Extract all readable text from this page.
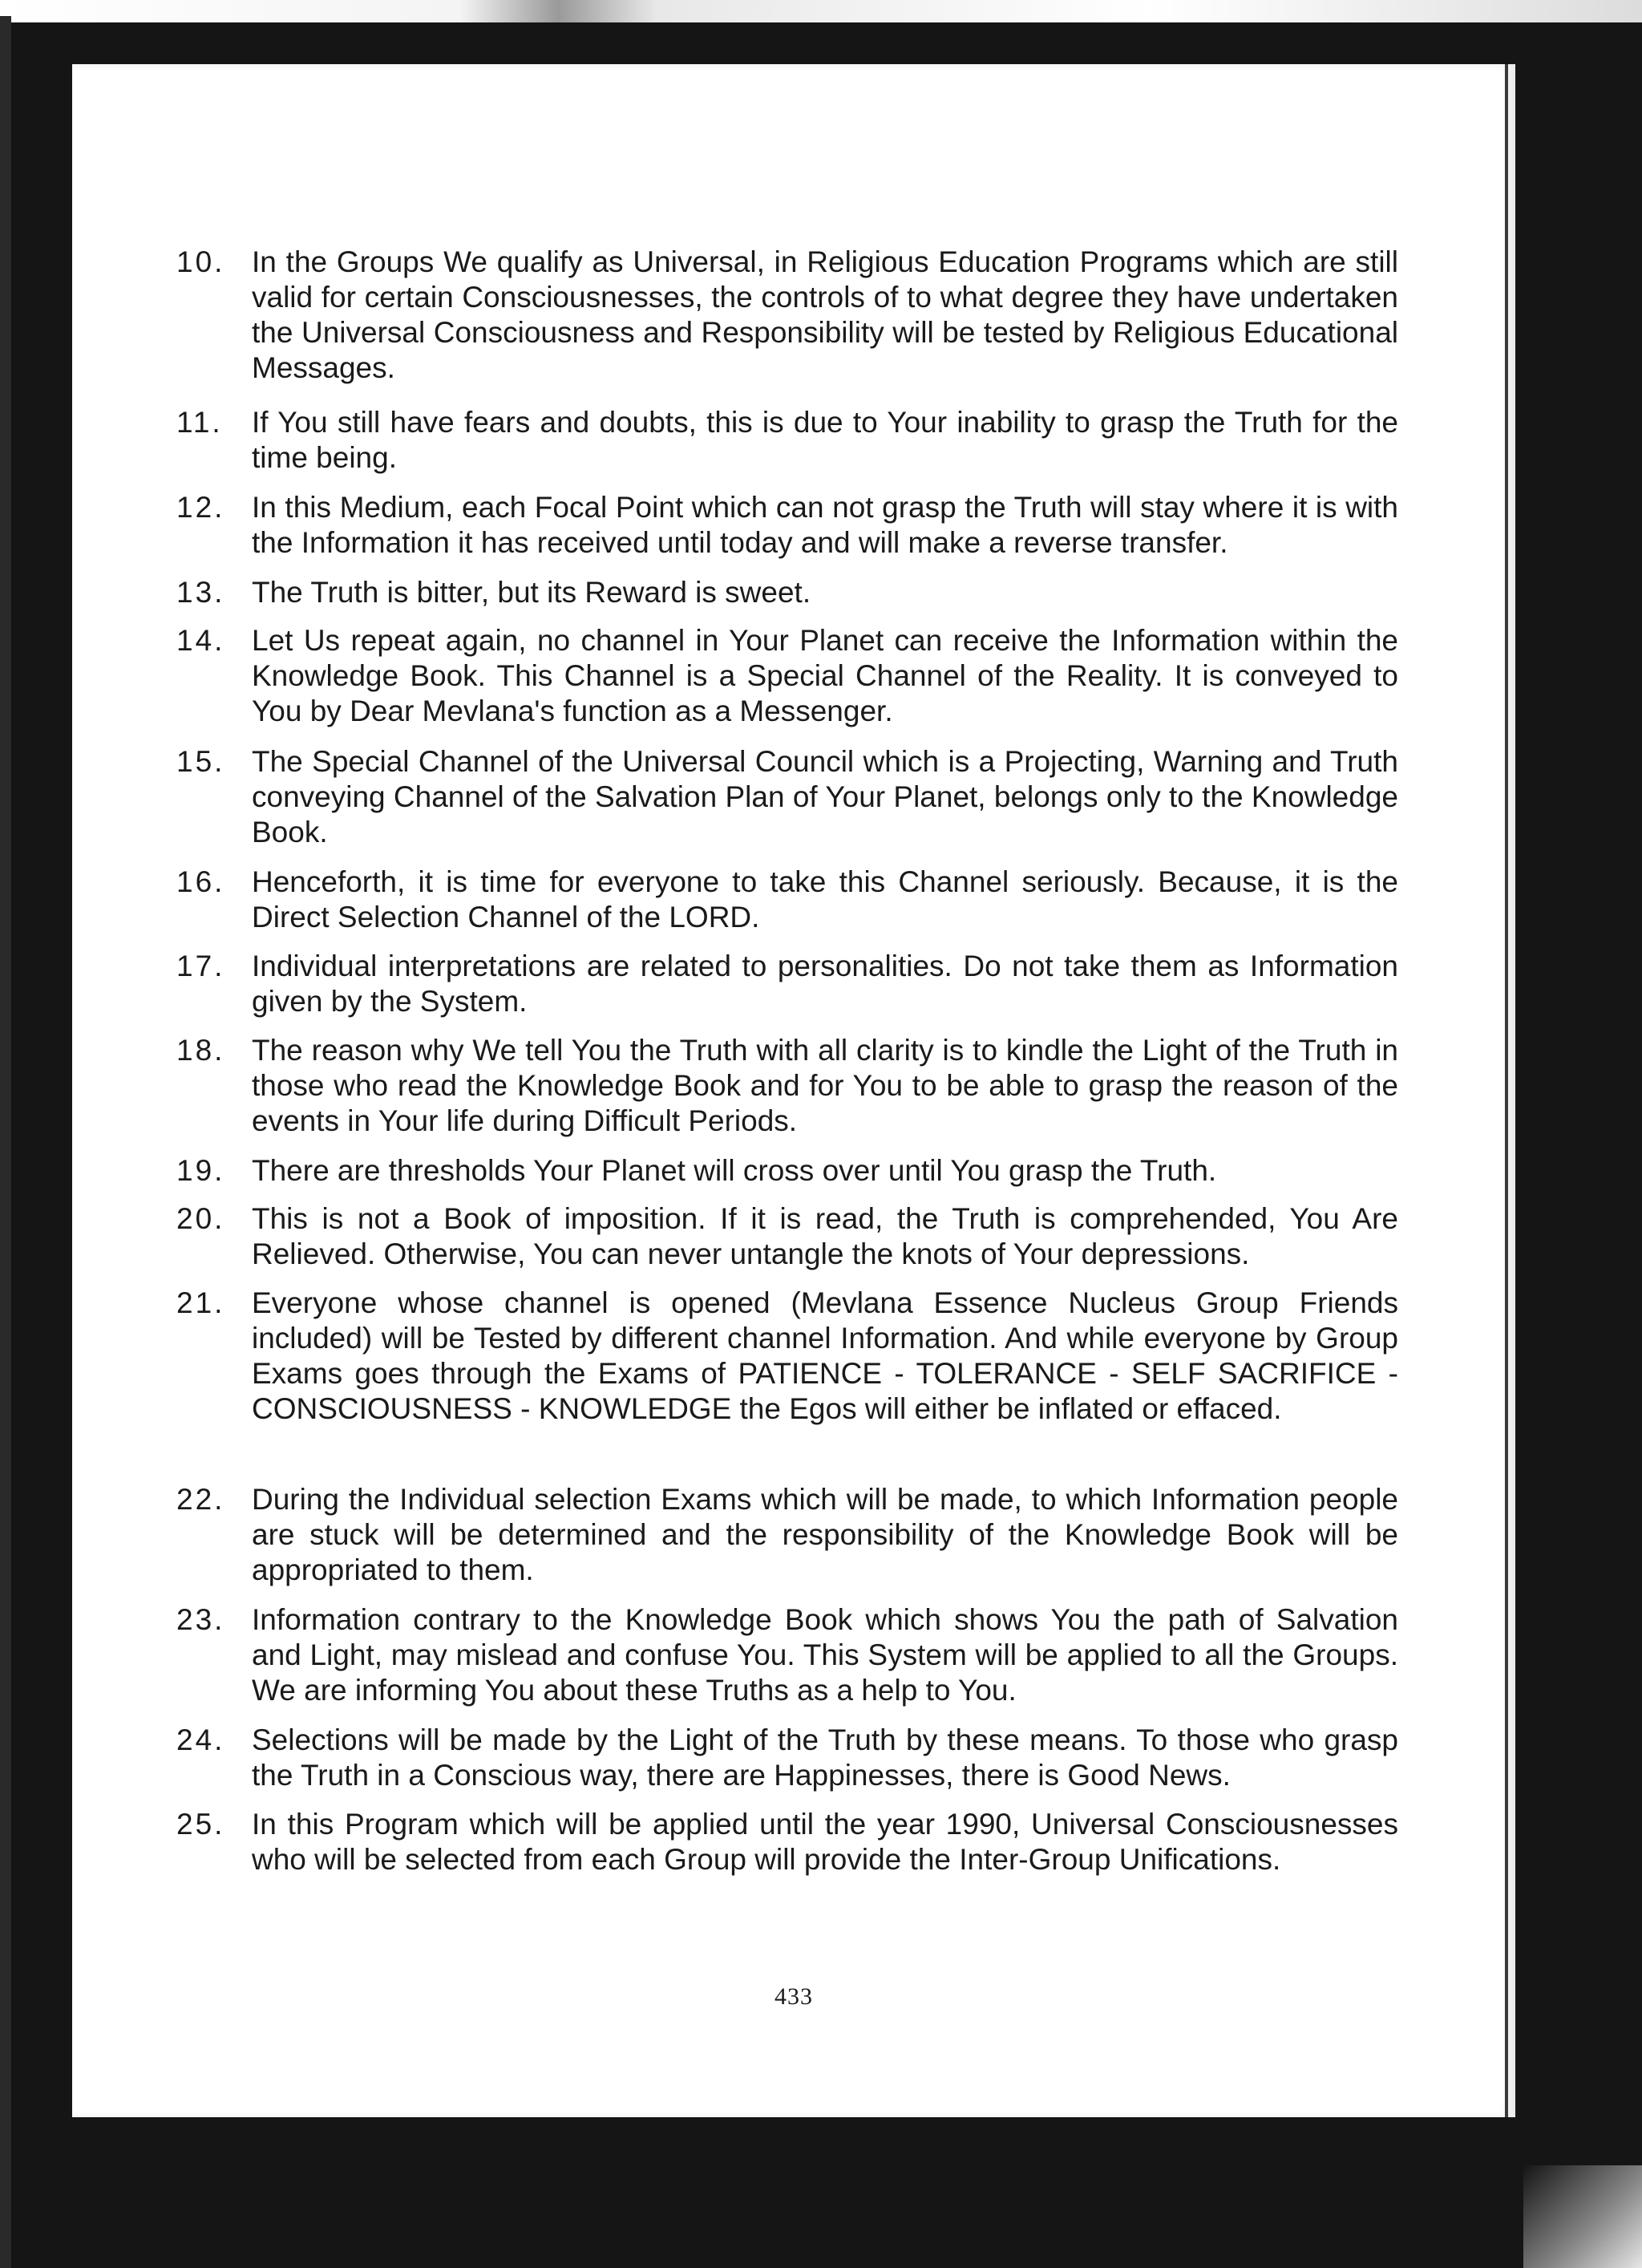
10. In the Groups We qualify as Universal, in Religious Education Programs which are still valid for certain Consciousnesses, the controls of to what degree they have undertaken the Universal Consciousness and Responsibility will be tested by Religious Educational Messages.
11. If You still have fears and doubts, this is due to Your inability to grasp the Truth for the time being.
12. In this Medium, each Focal Point which can not grasp the Truth will stay where it is with the Information it has received until today and will make a reverse transfer.
13. The Truth is bitter, but its Reward is sweet.
14. Let Us repeat again, no channel in Your Planet can receive the Information within the Knowledge Book. This Channel is a Special Channel of the Reality. It is conveyed to You by Dear Mevlana's function as a Messenger.
15. The Special Channel of the Universal Council which is a Projecting, Warning and Truth conveying Channel of the Salvation Plan of Your Planet, belongs only to the Knowledge Book.
16. Henceforth, it is time for everyone to take this Channel seriously. Because, it is the Direct Selection Channel of the LORD.
17. Individual interpretations are related to personalities. Do not take them as Information given by the System.
18. The reason why We tell You the Truth with all clarity is to kindle the Light of the Truth in those who read the Knowledge Book and for You to be able to grasp the reason of the events in Your life during Difficult Periods.
19. There are thresholds Your Planet will cross over until You grasp the Truth.
20. This is not a Book of imposition. If it is read, the Truth is comprehended, You Are Relieved. Otherwise, You can never untangle the knots of Your depressions.
21. Everyone whose channel is opened (Mevlana Essence Nucleus Group Friends included) will be Tested by different channel Information. And while everyone by Group Exams goes through the Exams of PATIENCE - TOLERANCE - SELF SACRIFICE - CONSCIOUSNESS - KNOWLEDGE the Egos will either be inflated or effaced.
22. During the Individual selection Exams which will be made, to which Information people are stuck will be determined and the responsibility of the Knowledge Book will be appropriated to them.
23. Information contrary to the Knowledge Book which shows You the path of Salvation and Light, may mislead and confuse You. This System will be applied to all the Groups. We are informing You about these Truths as a help to You.
24. Selections will be made by the Light of the Truth by these means. To those who grasp the Truth in a Conscious way, there are Happinesses, there is Good News.
25. In this Program which will be applied until the year 1990, Universal Consciousnesses who will be selected from each Group will provide the Inter-Group Unifications.
433
